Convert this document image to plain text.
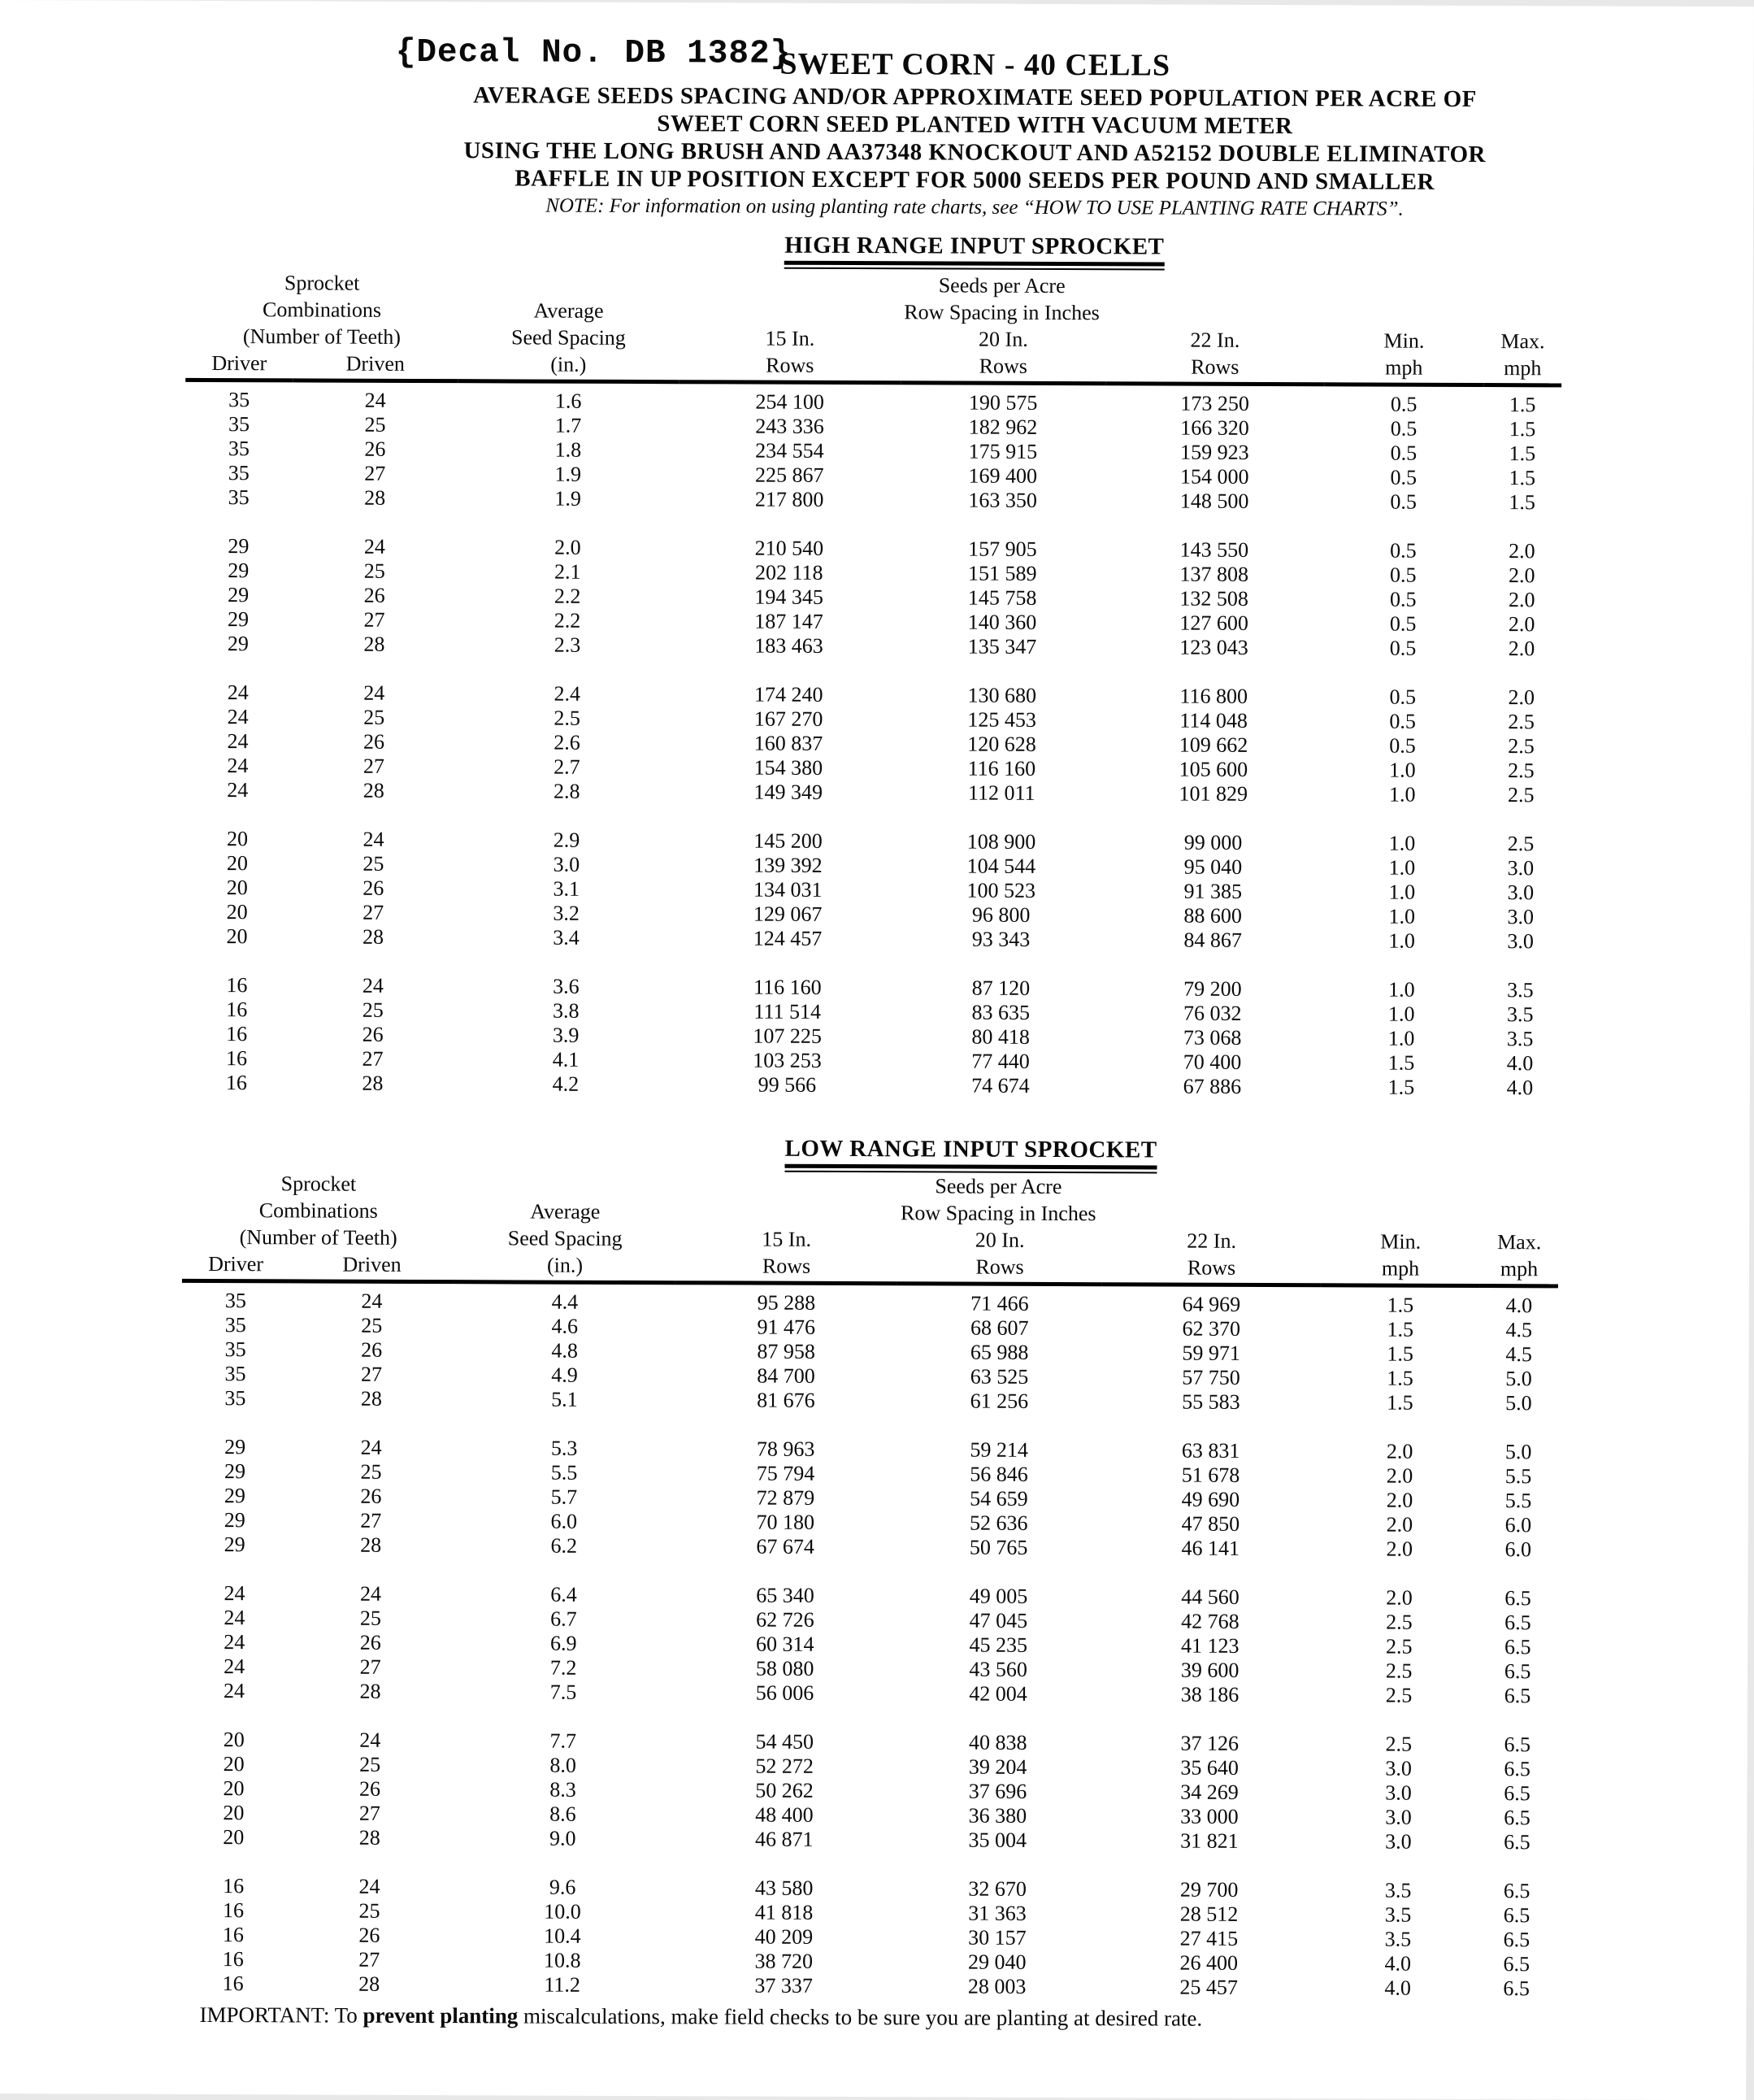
{Decal No. DB 1382}
SWEET CORN - 40 CELLS
AVERAGE SEEDS SPACING AND/OR APPROXIMATE SEED POPULATION PER ACRE OF
SWEET CORN SEED PLANTED WITH VACUUM METER
USING THE LONG BRUSH AND AA37348 KNOCKOUT AND A52152 DOUBLE ELIMINATOR
BAFFLE IN UP POSITION EXCEPT FOR 5000 SEEDS PER POUND AND SMALLER
NOTE: For information on using planting rate charts, see “HOW TO USE PLANTING RATE CHARTS”.
HIGH RANGE INPUT SPROCKET
Sprocket			Seeds per Acre				
Combinations		Average	Row Spacing in Inches				
(Number of Teeth)		Seed Spacing	15 In.	20 In.	22 In.	Min.	Max.
Driver	Driven	(in.)	Rows	Rows	Rows	mph	mph
35	24	1.6	254 100	190 575	173 250	0.5	1.5
35	25	1.7	243 336	182 962	166 320	0.5	1.5
35	26	1.8	234 554	175 915	159 923	0.5	1.5
35	27	1.9	225 867	169 400	154 000	0.5	1.5
35	28	1.9	217 800	163 350	148 500	0.5	1.5

29	24	2.0	210 540	157 905	143 550	0.5	2.0
29	25	2.1	202 118	151 589	137 808	0.5	2.0
29	26	2.2	194 345	145 758	132 508	0.5	2.0
29	27	2.2	187 147	140 360	127 600	0.5	2.0
29	28	2.3	183 463	135 347	123 043	0.5	2.0

24	24	2.4	174 240	130 680	116 800	0.5	2.0
24	25	2.5	167 270	125 453	114 048	0.5	2.5
24	26	2.6	160 837	120 628	109 662	0.5	2.5
24	27	2.7	154 380	116 160	105 600	1.0	2.5
24	28	2.8	149 349	112 011	101 829	1.0	2.5

20	24	2.9	145 200	108 900	99 000	1.0	2.5
20	25	3.0	139 392	104 544	95 040	1.0	3.0
20	26	3.1	134 031	100 523	91 385	1.0	3.0
20	27	3.2	129 067	96 800	88 600	1.0	3.0
20	28	3.4	124 457	93 343	84 867	1.0	3.0

16	24	3.6	116 160	87 120	79 200	1.0	3.5
16	25	3.8	111 514	83 635	76 032	1.0	3.5
16	26	3.9	107 225	80 418	73 068	1.0	3.5
16	27	4.1	103 253	77 440	70 400	1.5	4.0
16	28	4.2	99 566	74 674	67 886	1.5	4.0
LOW RANGE INPUT SPROCKET
Sprocket			Seeds per Acre				
Combinations		Average	Row Spacing in Inches				
(Number of Teeth)		Seed Spacing	15 In.	20 In.	22 In.	Min.	Max.
Driver	Driven	(in.)	Rows	Rows	Rows	mph	mph
35	24	4.4	95 288	71 466	64 969	1.5	4.0
35	25	4.6	91 476	68 607	62 370	1.5	4.5
35	26	4.8	87 958	65 988	59 971	1.5	4.5
35	27	4.9	84 700	63 525	57 750	1.5	5.0
35	28	5.1	81 676	61 256	55 583	1.5	5.0

29	24	5.3	78 963	59 214	63 831	2.0	5.0
29	25	5.5	75 794	56 846	51 678	2.0	5.5
29	26	5.7	72 879	54 659	49 690	2.0	5.5
29	27	6.0	70 180	52 636	47 850	2.0	6.0
29	28	6.2	67 674	50 765	46 141	2.0	6.0

24	24	6.4	65 340	49 005	44 560	2.0	6.5
24	25	6.7	62 726	47 045	42 768	2.5	6.5
24	26	6.9	60 314	45 235	41 123	2.5	6.5
24	27	7.2	58 080	43 560	39 600	2.5	6.5
24	28	7.5	56 006	42 004	38 186	2.5	6.5

20	24	7.7	54 450	40 838	37 126	2.5	6.5
20	25	8.0	52 272	39 204	35 640	3.0	6.5
20	26	8.3	50 262	37 696	34 269	3.0	6.5
20	27	8.6	48 400	36 380	33 000	3.0	6.5
20	28	9.0	46 871	35 004	31 821	3.0	6.5

16	24	9.6	43 580	32 670	29 700	3.5	6.5
16	25	10.0	41 818	31 363	28 512	3.5	6.5
16	26	10.4	40 209	30 157	27 415	3.5	6.5
16	27	10.8	38 720	29 040	26 400	4.0	6.5
16	28	11.2	37 337	28 003	25 457	4.0	6.5
IMPORTANT: To prevent planting miscalculations, make field checks to be sure you are planting at desired rate.
